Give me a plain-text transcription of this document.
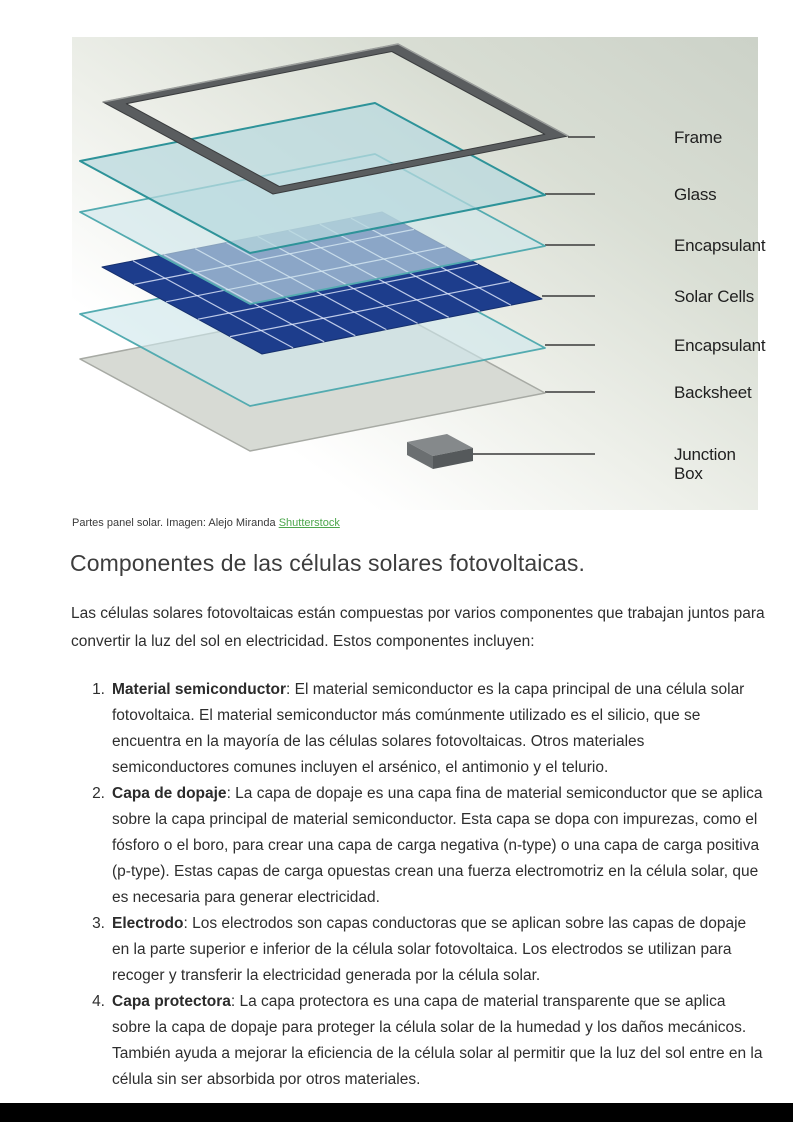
Frame
Glass
Encapsulant
Solar Cells
Encapsulant
Backsheet
Junction Box
Partes panel solar. Imagen: Alejo Miranda Shutterstock
Componentes de las células solares fotovoltaicas.

Las células solares fotovoltaicas están compuestas por varios componentes que trabajan juntos para convertir la luz del sol en electricidad. Estos componentes incluyen:

1. Material semiconductor: El material semiconductor es la capa principal de una célula solar fotovoltaica. El material semiconductor más comúnmente utilizado es el silicio, que se encuentra en la mayoría de las células solares fotovoltaicas. Otros materiales semiconductores comunes incluyen el arsénico, el antimonio y el telurio.
2. Capa de dopaje: La capa de dopaje es una capa fina de material semiconductor que se aplica sobre la capa principal de material semiconductor. Esta capa se dopa con impurezas, como el fósforo o el boro, para crear una capa de carga negativa (n-type) o una capa de carga positiva (p-type). Estas capas de carga opuestas crean una fuerza electromotriz en la célula solar, que es necesaria para generar electricidad.
3. Electrodo: Los electrodos son capas conductoras que se aplican sobre las capas de dopaje en la parte superior e inferior de la célula solar fotovoltaica. Los electrodos se utilizan para recoger y transferir la electricidad generada por la célula solar.
4. Capa protectora: La capa protectora es una capa de material transparente que se aplica sobre la capa de dopaje para proteger la célula solar de la humedad y los daños mecánicos. También ayuda a mejorar la eficiencia de la célula solar al permitir que la luz del sol entre en la célula sin ser absorbida por otros materiales.
